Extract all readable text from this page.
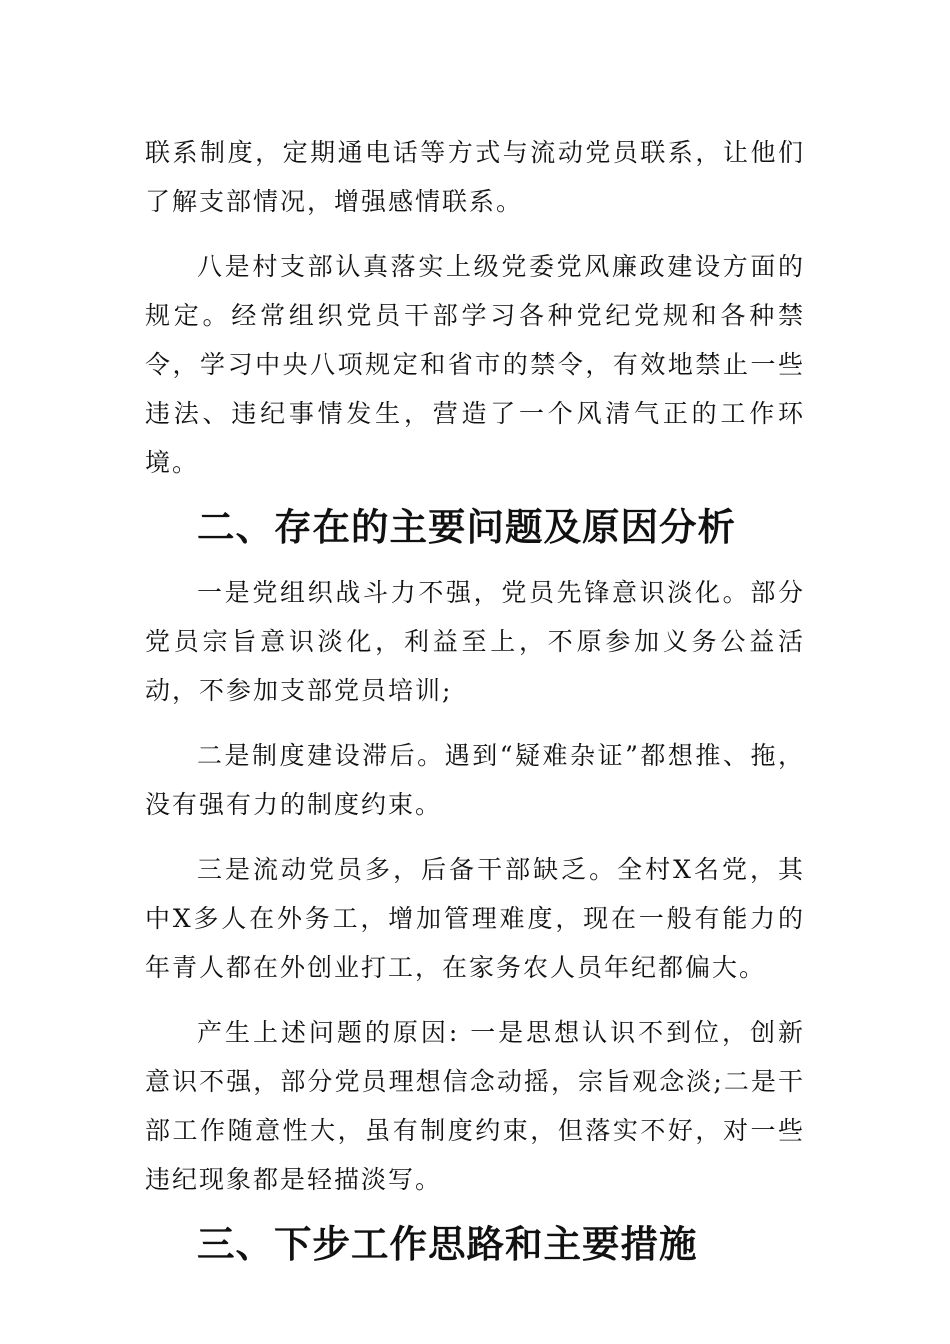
联系制度，定期通电话等方式与流动党员联系，让他们了解支部情况，增强感情联系。

八是村支部认真落实上级党委党风廉政建设方面的规定。经常组织党员干部学习各种党纪党规和各种禁令，学习中央八项规定和省市的禁令，有效地禁止一些违法、违纪事情发生，营造了一个风清气正的工作环境。

二、存在的主要问题及原因分析

一是党组织战斗力不强，党员先锋意识淡化。部分党员宗旨意识淡化，利益至上，不原参加义务公益活动，不参加支部党员培训;

二是制度建设滞后。遇到“疑难杂证”都想推、拖，没有强有力的制度约束。

三是流动党员多，后备干部缺乏。全村X名党，其中X多人在外务工，增加管理难度，现在一般有能力的年青人都在外创业打工，在家务农人员年纪都偏大。

产生上述问题的原因: 一是思想认识不到位，创新意识不强，部分党员理想信念动摇，宗旨观念淡;二是干部工作随意性大，虽有制度约束，但落实不好，对一些违纪现象都是轻描淡写。

三、下步工作思路和主要措施
